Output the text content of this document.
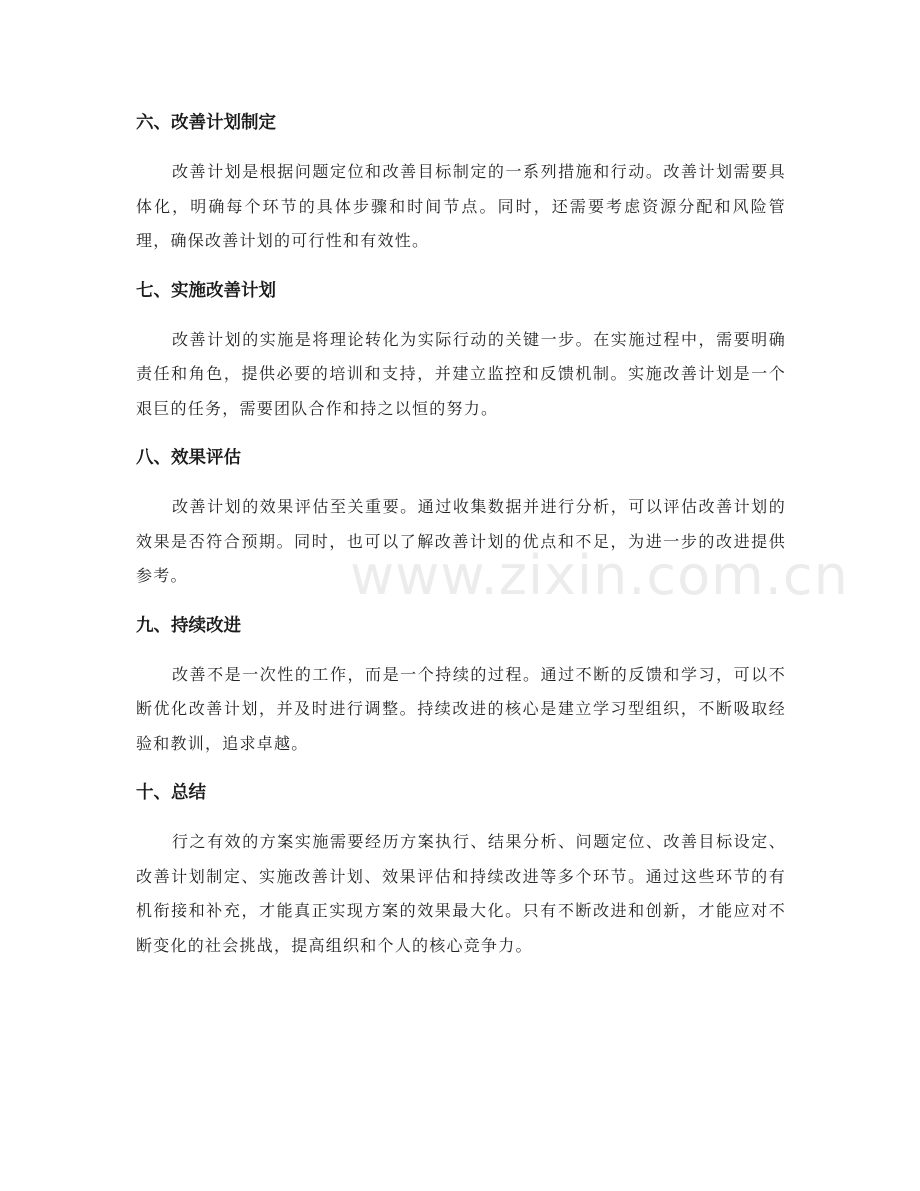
六、改善计划制定

改善计划是根据问题定位和改善目标制定的一系列措施和行动。改善计划需要具体化，明确每个环节的具体步骤和时间节点。同时，还需要考虑资源分配和风险管理，确保改善计划的可行性和有效性。

七、实施改善计划

改善计划的实施是将理论转化为实际行动的关键一步。在实施过程中，需要明确责任和角色，提供必要的培训和支持，并建立监控和反馈机制。实施改善计划是一个艰巨的任务，需要团队合作和持之以恒的努力。

八、效果评估

改善计划的效果评估至关重要。通过收集数据并进行分析，可以评估改善计划的效果是否符合预期。同时，也可以了解改善计划的优点和不足，为进一步的改进提供参考。

九、持续改进

改善不是一次性的工作，而是一个持续的过程。通过不断的反馈和学习，可以不断优化改善计划，并及时进行调整。持续改进的核心是建立学习型组织，不断吸取经验和教训，追求卓越。

十、总结

行之有效的方案实施需要经历方案执行、结果分析、问题定位、改善目标设定、改善计划制定、实施改善计划、效果评估和持续改进等多个环节。通过这些环节的有机衔接和补充，才能真正实现方案的效果最大化。只有不断改进和创新，才能应对不断变化的社会挑战，提高组织和个人的核心竞争力。

www.zixin.com.cn
